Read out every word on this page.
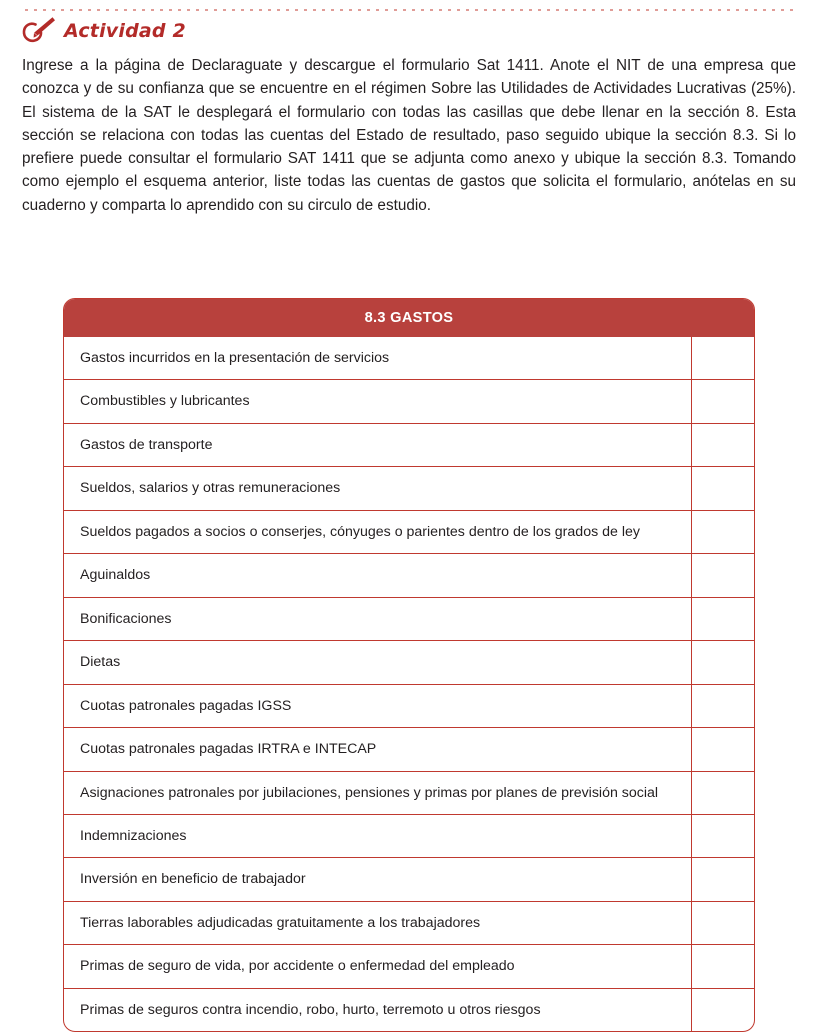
Actividad 2
Ingrese a la página de Declaraguate y descargue el formulario Sat 1411. Anote el NIT de una empresa que conozca y de su confianza que se encuentre en el régimen Sobre las Utilidades de Actividades Lucrativas (25%). El sistema de la SAT le desplegará el formulario con todas las casillas que debe llenar en la sección 8. Esta sección se relaciona con todas las cuentas del Estado de resultado, paso seguido ubique la sección 8.3. Si lo prefiere puede consultar el formulario SAT 1411 que se adjunta como anexo y ubique la sección 8.3. Tomando como ejemplo el esquema anterior, liste todas las cuentas de gastos que solicita el formulario, anótelas en su cuaderno y comparta lo aprendido con su circulo de estudio.
8.3 GASTOS
Gastos incurridos en la presentación de servicios	
Combustibles y lubricantes	
Gastos de transporte	
Sueldos, salarios y otras remuneraciones	
Sueldos pagados a socios o conserjes, cónyuges o parientes dentro de los grados de ley	
Aguinaldos	
Bonificaciones	
Dietas	
Cuotas patronales pagadas IGSS	
Cuotas patronales pagadas IRTRA e INTECAP	
Asignaciones patronales por jubilaciones, pensiones y primas por planes de previsión social	
Indemnizaciones	
Inversión en beneficio de trabajador	
Tierras laborables adjudicadas gratuitamente a los trabajadores	
Primas de seguro de vida, por accidente o enfermedad del empleado	
Primas de seguros contra incendio, robo, hurto, terremoto u otros riesgos	
